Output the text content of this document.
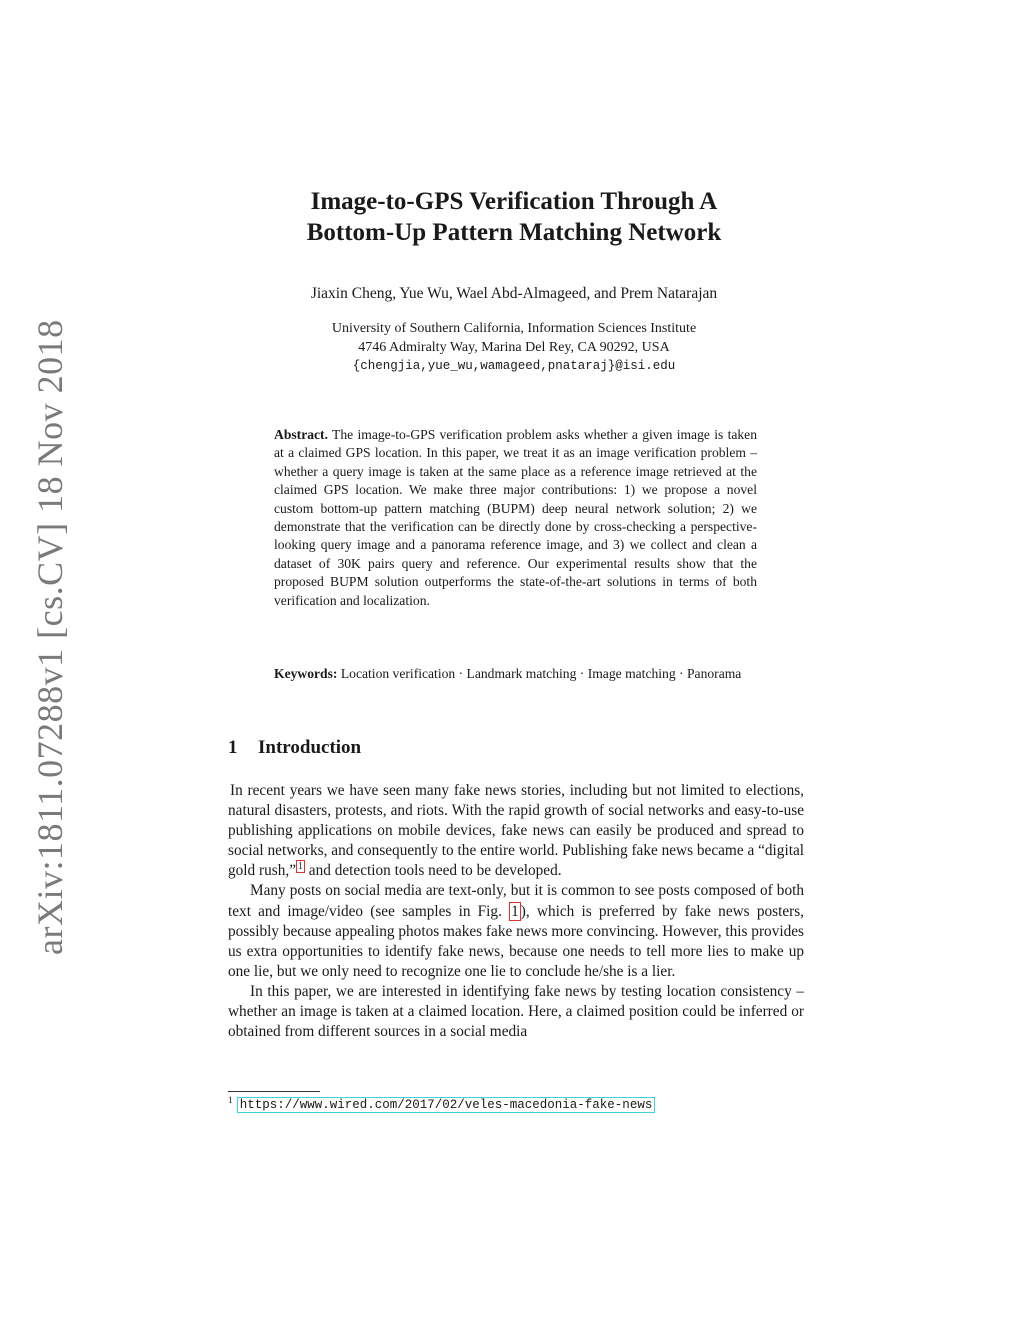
arXiv:1811.07288v1 [cs.CV] 18 Nov 2018
Image-to-GPS Verification Through A
Bottom-Up Pattern Matching Network
Jiaxin Cheng, Yue Wu, Wael Abd-Almageed, and Prem Natarajan
University of Southern California, Information Sciences Institute
4746 Admiralty Way, Marina Del Rey, CA 90292, USA
{chengjia,yue_wu,wamageed,pnataraj}@isi.edu
Abstract. The image-to-GPS verification problem asks whether a given image is taken at a claimed GPS location. In this paper, we treat it as an image verification problem – whether a query image is taken at the same place as a reference image retrieved at the claimed GPS location. We make three major contributions: 1) we propose a novel custom bottom-up pattern matching (BUPM) deep neural network solution; 2) we demonstrate that the verification can be directly done by cross-checking a perspective-looking query image and a panorama reference image, and 3) we collect and clean a dataset of 30K pairs query and reference. Our experimental results show that the proposed BUPM solution outperforms the state-of-the-art solutions in terms of both verification and localization.
Keywords: Location verification · Landmark matching · Image matching · Panorama
1 Introduction

In recent years we have seen many fake news stories, including but not limited to elections, natural disasters, protests, and riots. With the rapid growth of social networks and easy-to-use publishing applications on mobile devices, fake news can easily be produced and spread to social networks, and consequently to the entire world. Publishing fake news became a “digital gold rush,” $^1$ and detection tools need to be developed.

Many posts on social media are text-only, but it is common to see posts composed of both text and image/video (see samples in Fig. 1 ), which is preferred by fake news posters, possibly because appealing photos makes fake news more convincing. However, this provides us extra opportunities to identify fake news, because one needs to tell more lies to make up one lie, but we only need to recognize one lie to conclude he/she is a lier.

In this paper, we are interested in identifying fake news by testing location consistency – whether an image is taken at a claimed location. Here, a claimed position could be inferred or obtained from different sources in a social media

$^1$ https://www.wired.com/2017/02/veles-macedonia-fake-news
